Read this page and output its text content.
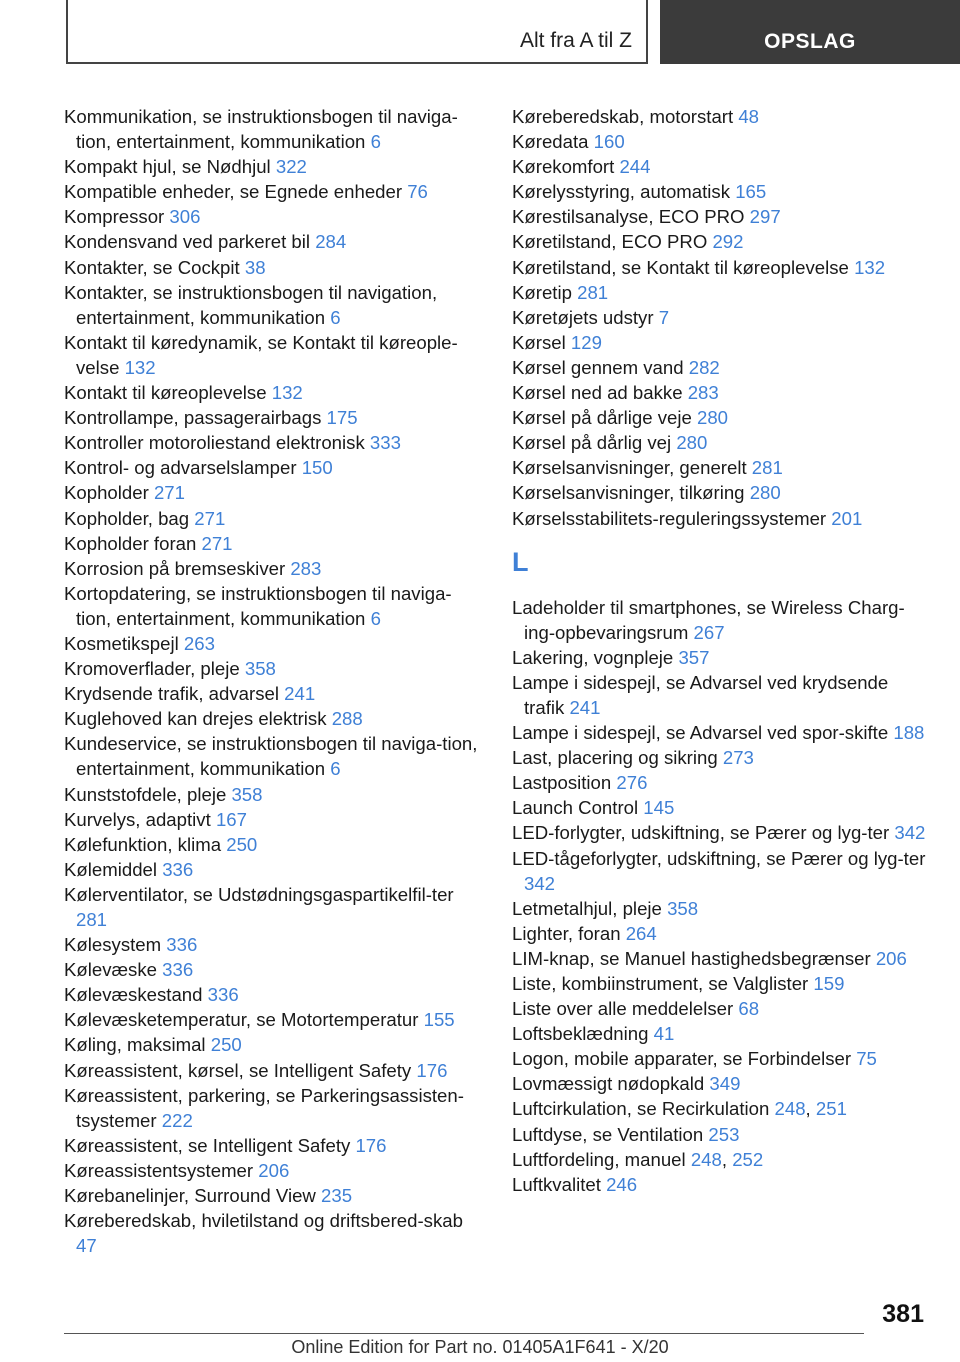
Alt fra A til Z	OPSLAG
Kommunikation, se instruktionsbogen til naviga-tion, entertainment, kommunikation 6
Kompakt hjul, se Nødhjul 322
Kompatible enheder, se Egnede enheder 76
Kompressor 306
Kondensvand ved parkeret bil 284
Kontakter, se Cockpit 38
Kontakter, se instruktionsbogen til navigation, entertainment, kommunikation 6
Kontakt til køredynamik, se Kontakt til køreople-velse 132
Kontakt til køreoplevelse 132
Kontrollampe, passagerairbags 175
Kontroller motoroliestand elektronisk 333
Kontrol- og advarselslamper 150
Kopholder 271
Kopholder, bag 271
Kopholder foran 271
Korrosion på bremseskiver 283
Kortopdatering, se instruktionsbogen til naviga-tion, entertainment, kommunikation 6
Kosmetikspejl 263
Kromoverflader, pleje 358
Krydsende trafik, advarsel 241
Kuglehoved kan drejes elektrisk 288
Kundeservice, se instruktionsbogen til naviga-tion, entertainment, kommunikation 6
Kunststofdele, pleje 358
Kurvelys, adaptivt 167
Kølefunktion, klima 250
Kølemiddel 336
Kølerventilator, se Udstødningsgaspartikelfil-ter 281
Kølesystem 336
Kølevæske 336
Kølevæskestand 336
Kølevæsketemperatur, se Motortemperatur 155
Køling, maksimal 250
Køreassistent, kørsel, se Intelligent Safety 176
Køreassistent, parkering, se Parkeringsassisten-tsystemer 222
Køreassistent, se Intelligent Safety 176
Køreassistentsystemer 206
Kørebanelinjer, Surround View 235
Køreberedskab, hviletilstand og driftsbered-skab 47
Køreberedskab, motorstart 48
Køredata 160
Kørekomfort 244
Kørelysstyring, automatisk 165
Kørestilsanalyse, ECO PRO 297
Køretilstand, ECO PRO 292
Køretilstand, se Kontakt til køreoplevelse 132
Køretip 281
Køretøjets udstyr 7
Kørsel 129
Kørsel gennem vand 282
Kørsel ned ad bakke 283
Kørsel på dårlige veje 280
Kørsel på dårlig vej 280
Kørselsanvisninger, generelt 281
Kørselsanvisninger, tilkøring 280
Kørselsstabilitets-reguleringssystemer 201
L
Ladeholder til smartphones, se Wireless Charg-ing-opbevaringsrum 267
Lakering, vognpleje 357
Lampe i sidespejl, se Advarsel ved krydsende trafik 241
Lampe i sidespejl, se Advarsel ved spor-skifte 188
Last, placering og sikring 273
Lastposition 276
Launch Control 145
LED-forlygter, udskiftning, se Pærer og lyg-ter 342
LED-tågeforlygter, udskiftning, se Pærer og lyg-ter 342
Letmetalhjul, pleje 358
Lighter, foran 264
LIM-knap, se Manuel hastighedsbegrænser 206
Liste, kombiinstrument, se Valglister 159
Liste over alle meddelelser 68
Loftsbeklædning 41
Logon, mobile apparater, se Forbindelser 75
Lovmæssigt nødopkald 349
Luftcirkulation, se Recirkulation 248, 251
Luftdyse, se Ventilation 253
Luftfordeling, manuel 248, 252
Luftkvalitet 246
381
Online Edition for Part no. 01405A1F641 - X/20
